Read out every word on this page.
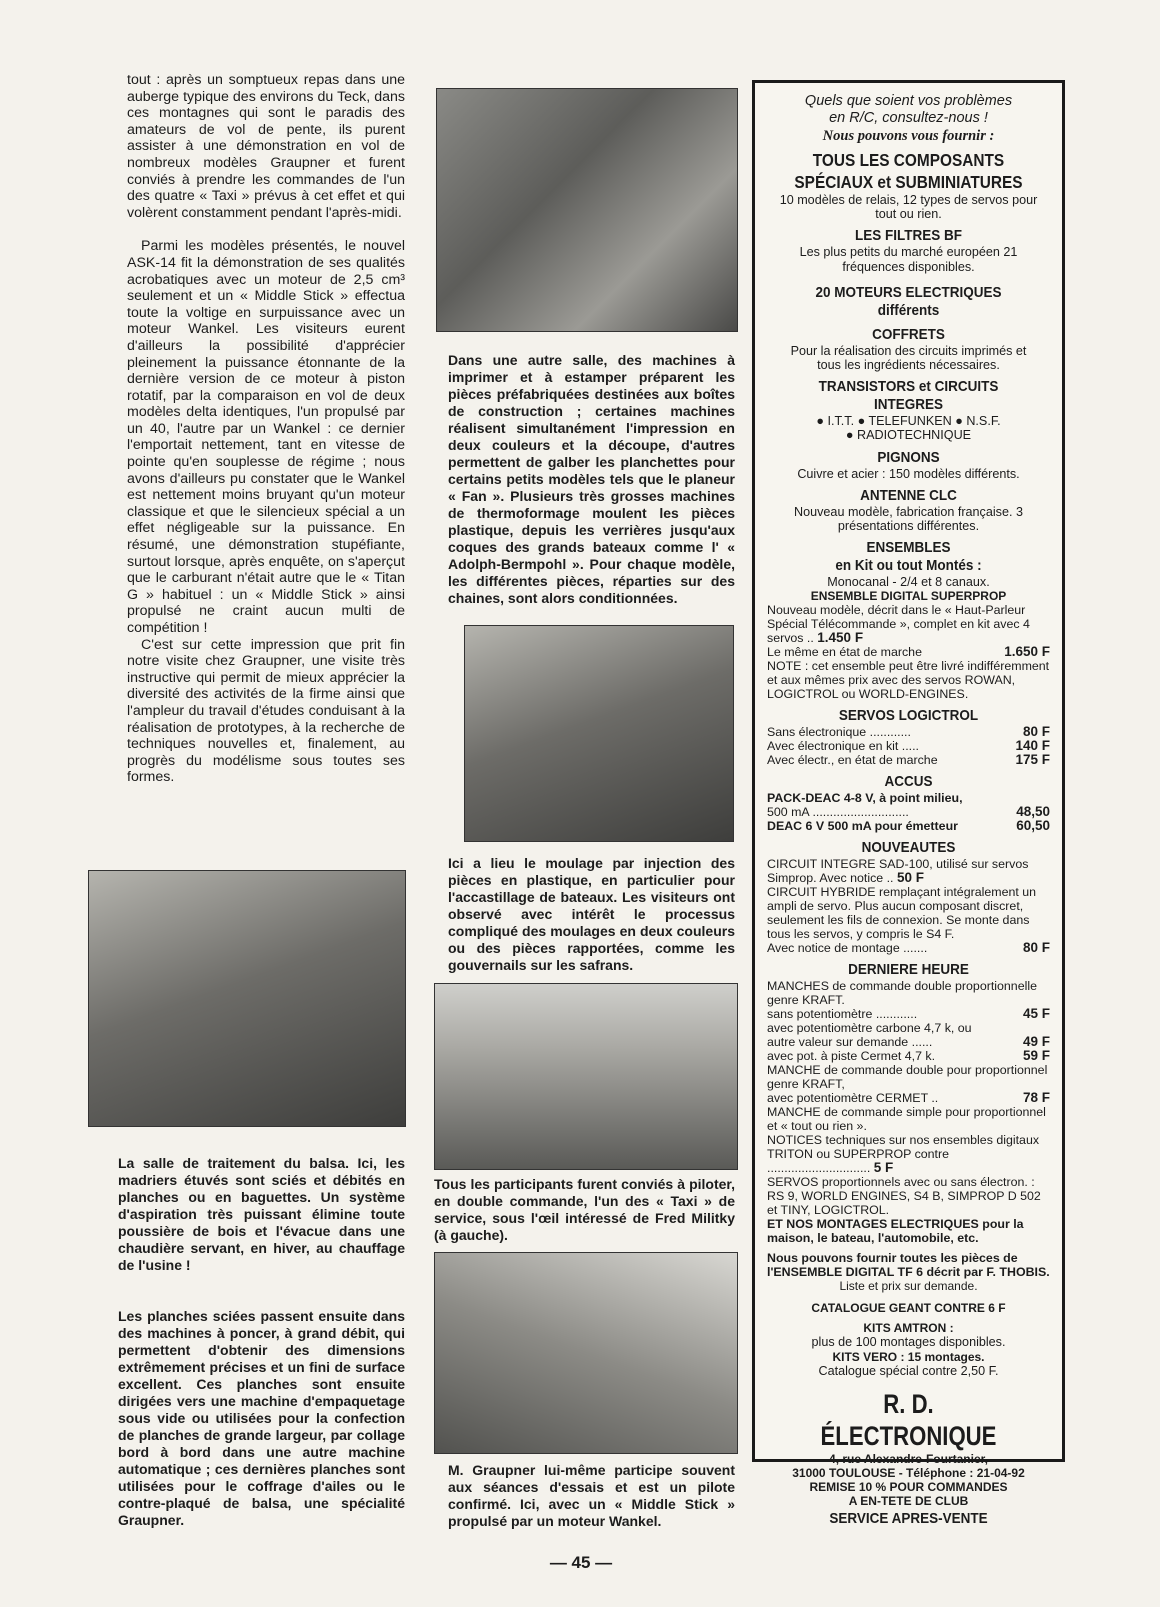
tout : après un somptueux repas dans une auberge typique des environs du Teck, dans ces montagnes qui sont le paradis des amateurs de vol de pente, ils purent assister à une démonstration en vol de nombreux modèles Graupner et furent conviés à prendre les commandes de l'un des quatre « Taxi » prévus à cet effet et qui volèrent constamment pendant l'après-midi.

Parmi les modèles présentés, le nouvel ASK-14 fit la démonstration de ses qualités acrobatiques avec un moteur de 2,5 cm³ seulement et un « Middle Stick » effectua toute la voltige en surpuissance avec un moteur Wankel. Les visiteurs eurent d'ailleurs la possibilité d'apprécier pleinement la puissance étonnante de la dernière version de ce moteur à piston rotatif, par la comparaison en vol de deux modèles delta identiques, l'un propulsé par un 40, l'autre par un Wankel : ce dernier l'emportait nettement, tant en vitesse de pointe qu'en souplesse de régime ; nous avons d'ailleurs pu constater que le Wankel est nettement moins bruyant qu'un moteur classique et que le silencieux spécial a un effet négligeable sur la puissance. En résumé, une démonstration stupéfiante, surtout lorsque, après enquête, on s'aperçut que le carburant n'était autre que le « Titan G » habituel : un « Middle Stick » ainsi propulsé ne craint aucun multi de compétition !

C'est sur cette impression que prit fin notre visite chez Graupner, une visite très instructive qui permit de mieux apprécier la diversité des activités de la firme ainsi que l'ampleur du travail d'études conduisant à la réalisation de prototypes, à la recherche de techniques nouvelles et, finalement, au progrès du modélisme sous toutes ses formes.

La salle de traitement du balsa. Ici, les madriers étuvés sont sciés et débités en planches ou en baguettes. Un système d'aspiration très puissant élimine toute poussière de bois et l'évacue dans une chaudière servant, en hiver, au chauffage de l'usine !

Les planches sciées passent ensuite dans des machines à poncer, à grand débit, qui permettent d'obtenir des dimensions extrêmement précises et un fini de surface excellent. Ces planches sont ensuite dirigées vers une machine d'empaquetage sous vide ou utilisées pour la confection de planches de grande largeur, par collage bord à bord dans une autre machine automatique ; ces dernières planches sont utilisées pour le coffrage d'ailes ou le contre-plaqué de balsa, une spécialité Graupner.

Dans une autre salle, des machines à imprimer et à estamper préparent les pièces préfabriquées destinées aux boîtes de construction ; certaines machines réalisent simultanément l'impression en deux couleurs et la découpe, d'autres permettent de galber les planchettes pour certains petits modèles tels que le planeur « Fan ». Plusieurs très grosses machines de thermoformage moulent les pièces plastique, depuis les verrières jusqu'aux coques des grands bateaux comme l' « Adolph-Bermpohl ». Pour chaque modèle, les différentes pièces, réparties sur des chaines, sont alors conditionnées.

Ici a lieu le moulage par injection des pièces en plastique, en particulier pour l'accastillage de bateaux. Les visiteurs ont observé avec intérêt le processus compliqué des moulages en deux couleurs ou des pièces rapportées, comme les gouvernails sur les safrans.

Tous les participants furent conviés à piloter, en double commande, l'un des « Taxi » de service, sous l'œil intéressé de Fred Militky (à gauche).

M. Graupner lui-même participe souvent aux séances d'essais et est un pilote confirmé. Ici, avec un « Middle Stick » propulsé par un moteur Wankel.

Quels que soient vos problèmes

en R/C, consultez-nous !

Nous pouvons vous fournir :

TOUS LES COMPOSANTS

SPÉCIAUX et SUBMINIATURES

10 modèles de relais, 12 types de servos pour tout ou rien.

LES FILTRES BF

Les plus petits du marché européen 21 fréquences disponibles.

20 MOTEURS ELECTRIQUES différents

COFFRETS

Pour la réalisation des circuits imprimés et tous les ingrédients nécessaires.

TRANSISTORS et CIRCUITS INTEGRES

● I.T.T. ● TELEFUNKEN ● N.S.F.

● RADIOTECHNIQUE

PIGNONS

Cuivre et acier : 150 modèles différents.

ANTENNE CLC

Nouveau modèle, fabrication française. 3 présentations différentes.

ENSEMBLES

en Kit ou tout Montés :

Monocanal - 2/4 et 8 canaux.

ENSEMBLE DIGITAL SUPERPROP

Nouveau modèle, décrit dans le « Haut-Parleur Spécial Télécommande », complet en kit avec 4 servos .. 1.450 F

Le même en état de marche	1.650 F

NOTE : cet ensemble peut être livré indifféremment et aux mêmes prix avec des servos ROWAN, LOGICTROL ou WORLD-ENGINES.

SERVOS LOGICTROL

Sans électronique ............	80 F
Avec électronique en kit .....	140 F
Avec électr., en état de marche	175 F

ACCUS

PACK-DEAC 4-8 V, à point milieu,

500 mA ............................	48,50
DEAC 6 V 500 mA pour émetteur	60,50

NOUVEAUTES

CIRCUIT INTEGRE SAD-100, utilisé sur servos Simprop. Avec notice .. 50 F

CIRCUIT HYBRIDE remplaçant intégralement un ampli de servo. Plus aucun composant discret, seulement les fils de connexion. Se monte dans tous les servos, y compris le S4 F.

Avec notice de montage .......	80 F

DERNIERE HEURE

MANCHES de commande double proportionnelle genre KRAFT.

sans potentiomètre ............	45 F
avec potentiomètre carbone 4,7 k, ou
autre valeur sur demande ......	49 F
avec pot. à piste Cermet 4,7 k.	59 F

MANCHE de commande double pour proportionnel genre KRAFT,

avec potentiomètre CERMET ..	78 F

MANCHE de commande simple pour proportionnel et « tout ou rien ».

NOTICES techniques sur nos ensembles digitaux TRITON ou SUPERPROP contre .............................. 5 F

SERVOS proportionnels avec ou sans électron. : RS 9, WORLD ENGINES, S4 B, SIMPROP D 502 et TINY, LOGICTROL.

ET NOS MONTAGES ELECTRIQUES pour la maison, le bateau, l'automobile, etc.

Nous pouvons fournir toutes les pièces de l'ENSEMBLE DIGITAL TF 6 décrit par F. THOBIS.

Liste et prix sur demande.

CATALOGUE GEANT CONTRE 6 F

KITS AMTRON :

plus de 100 montages disponibles.

KITS VERO : 15 montages.

Catalogue spécial contre 2,50 F.

R. D. ÉLECTRONIQUE

4, rue Alexandre-Fourtanier,

31000 TOULOUSE - Téléphone : 21-04-92

REMISE 10 % POUR COMMANDES

A EN-TETE DE CLUB

SERVICE APRES-VENTE

— 45 —
